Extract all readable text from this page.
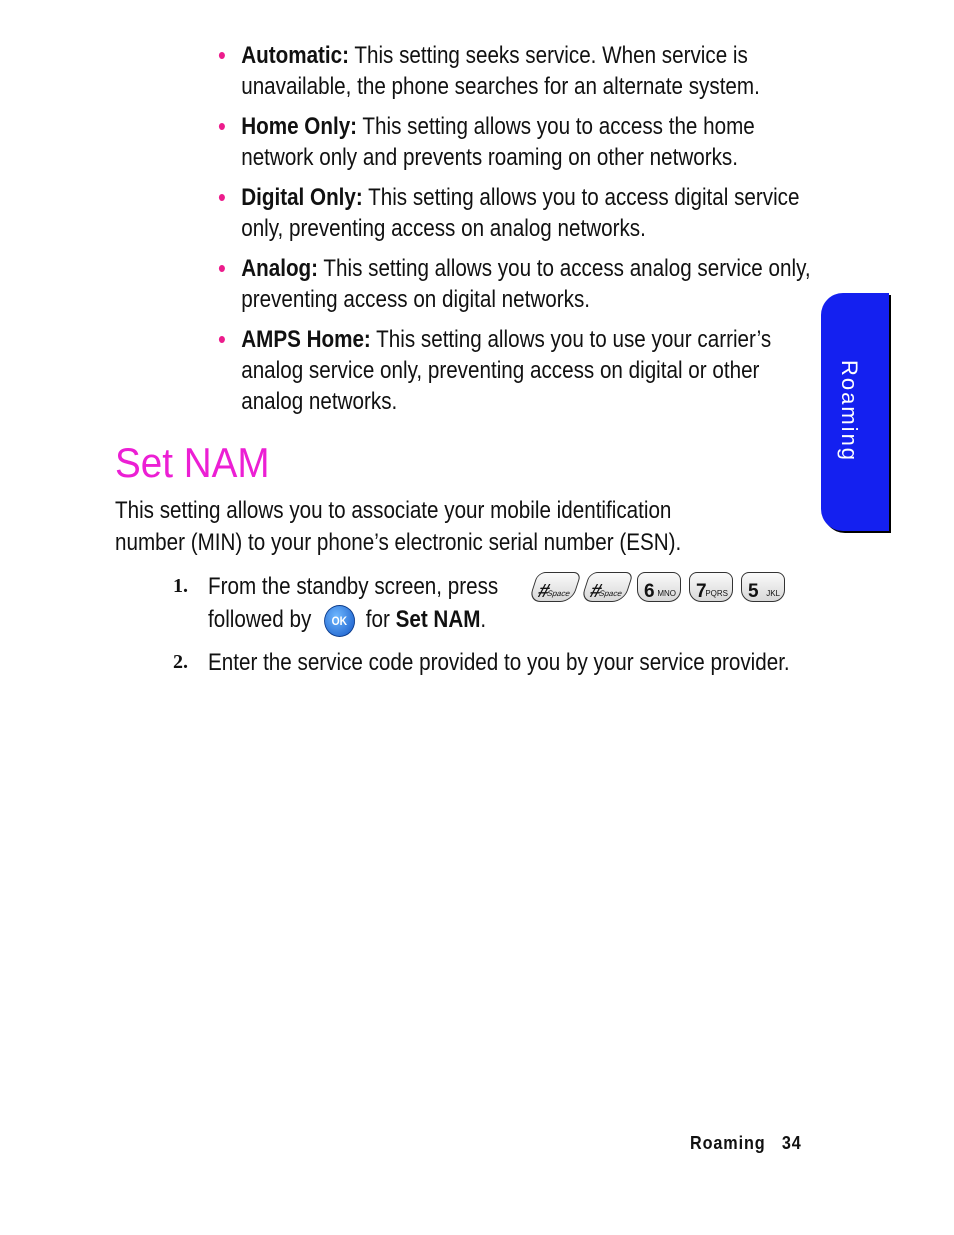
• Automatic: This setting seeks service. When service is unavailable, the phone searches for an alternate system.
• Home Only: This setting allows you to access the home network only and prevents roaming on other networks.
• Digital Only: This setting allows you to access digital service only, preventing access on analog networks.
• Analog: This setting allows you to access analog service only, preventing access on digital networks.
• AMPS Home: This setting allows you to use your carrier’s analog service only, preventing access on digital or other analog networks.
Set NAM

This setting allows you to associate your mobile identification number (MIN) to your phone’s electronic serial number (ESN).

1. From the standby screen, press
followed by OK for Set NAM.
#
Space #
Space 6 MNO 7
PQRS 5 JKL
2. Enter the service code provided to you by your service provider.
Roaming
Roaming 34
